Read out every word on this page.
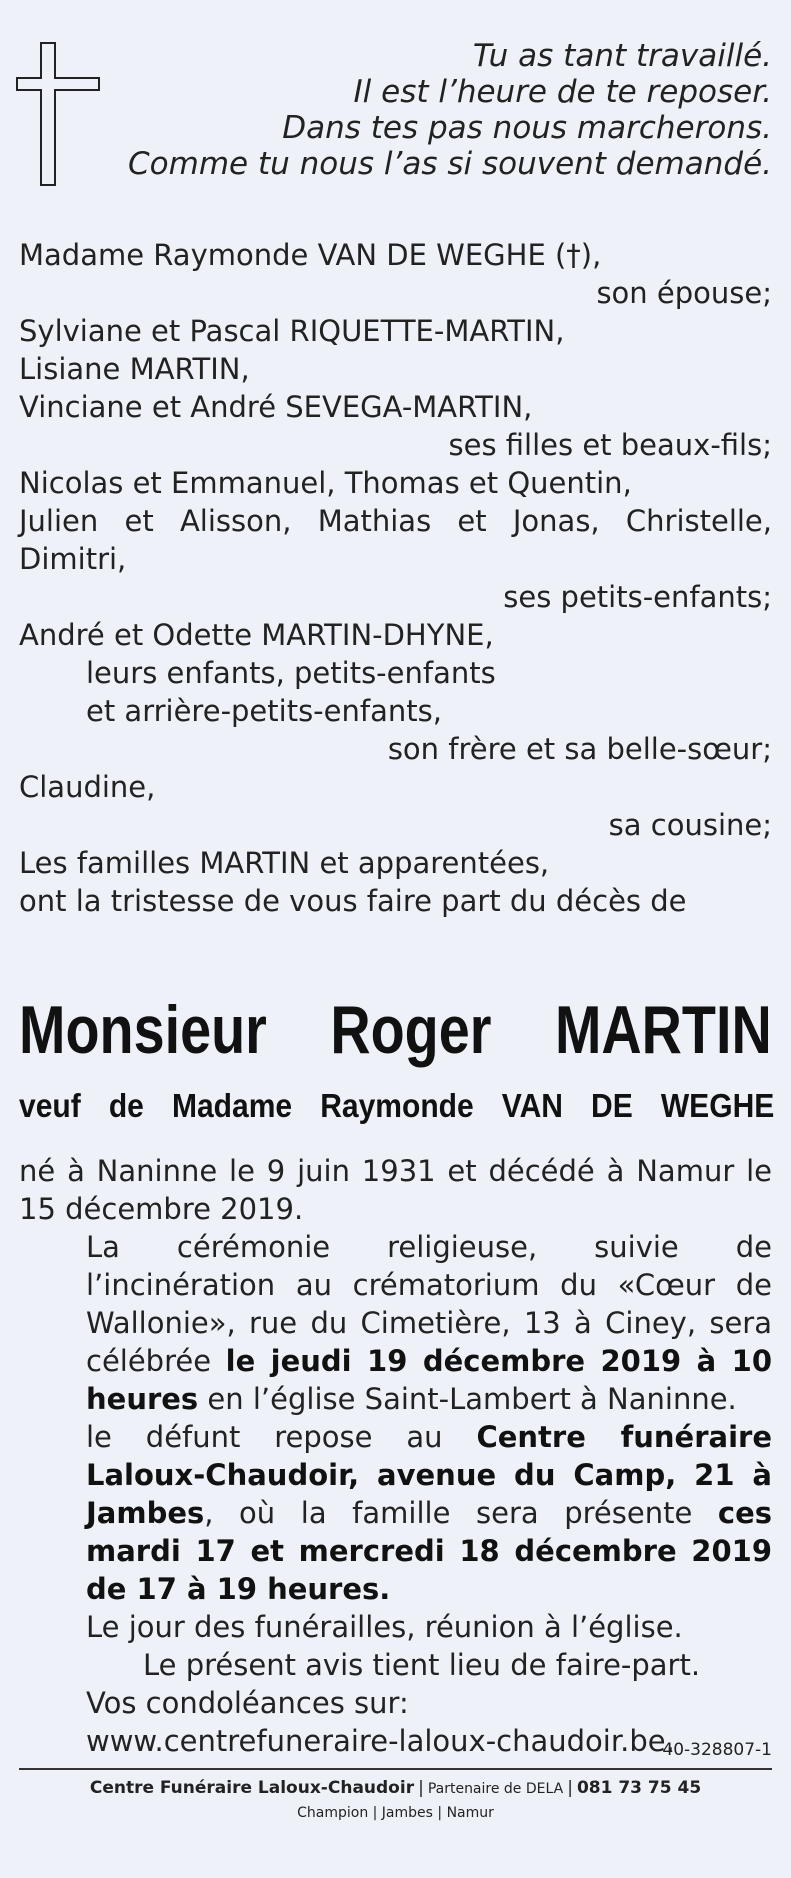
Tu as tant travaillé.
Il est l’heure de te reposer.
Dans tes pas nous marcherons.
Comme tu nous l’as si souvent demandé.
Madame Raymonde VAN DE WEGHE (†),
son épouse;
Sylviane et Pascal RIQUETTE-MARTIN,
Lisiane MARTIN,
Vinciane et André SEVEGA-MARTIN,
ses filles et beaux-fils;
Nicolas et Emmanuel, Thomas et Quentin,
Julien et Alisson, Mathias et Jonas, Christelle,
Dimitri,
ses petits-enfants;
André et Odette MARTIN-DHYNE,
leurs enfants, petits-enfants
et arrière-petits-enfants,
son frère et sa belle-sœur;
Claudine,
sa cousine;
Les familles MARTIN et apparentées,
ont la tristesse de vous faire part du décès de
Monsieur Roger MARTIN
veuf de Madame Raymonde VAN DE WEGHE

né à Naninne le 9 juin 1931 et décédé à Namur le 15 décembre 2019.

La cérémonie religieuse, suivie de l’incinération au crématorium du «Cœur de Wallonie», rue du Cimetière, 13 à Ciney, sera célébrée le jeudi 19 décembre 2019 à 10 heures en l’église Saint-Lambert à Naninne.

le défunt repose au Centre funéraire Laloux-Chaudoir, avenue du Camp, 21 à Jambes, où la famille sera présente ces mardi 17 et mercredi 18 décembre 2019 de 17 à 19 heures.

Le jour des funérailles, réunion à l’église.

Le présent avis tient lieu de faire-part.

Vos condoléances sur:

www.centrefuneraire-laloux-chaudoir.be.

40-328807-1
Centre Funéraire Laloux-Chaudoir | Partenaire de DELA | 081 73 75 45
Champion | Jambes | Namur
